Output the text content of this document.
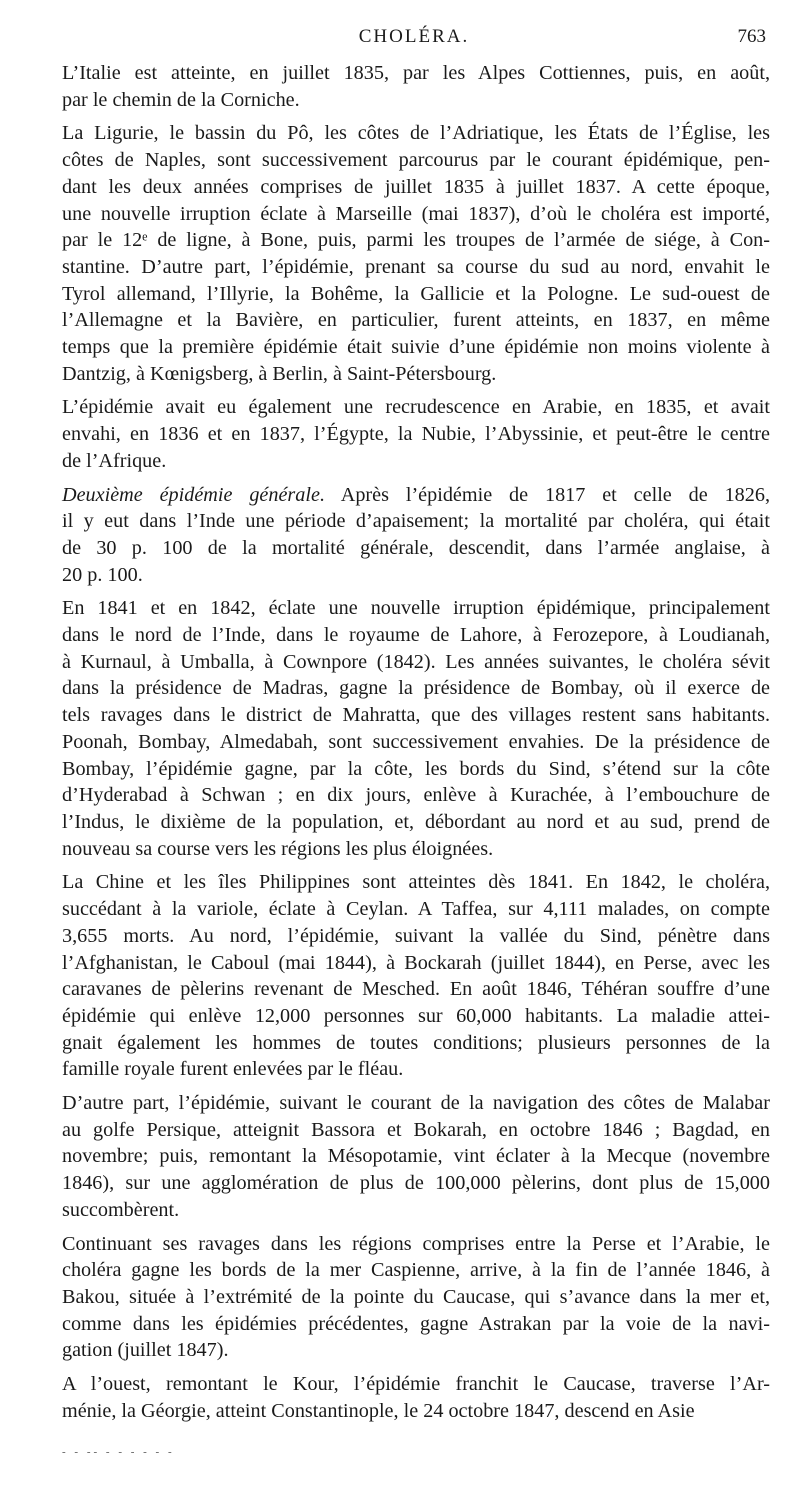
CHOLÉRA.	763

L’Italie est atteinte, en juillet 1835, par les Alpes Cottiennes, puis, en août,
par le chemin de la Corniche.

La Ligurie, le bassin du Pô, les côtes de l’Adriatique, les États de l’Église, les
côtes de Naples, sont successivement parcourus par le courant épidémique, pen-
dant les deux années comprises de juillet 1835 à juillet 1837. A cette époque,
une nouvelle irruption éclate à Marseille (mai 1837), d’où le choléra est importé,
par le 12ᵉ de ligne, à Bone, puis, parmi les troupes de l’armée de siége, à Con-
stantine. D’autre part, l’épidémie, prenant sa course du sud au nord, envahit le
Tyrol allemand, l’Illyrie, la Bohême, la Gallicie et la Pologne. Le sud-ouest de
l’Allemagne et la Bavière, en particulier, furent atteints, en 1837, en même
temps que la première épidémie était suivie d’une épidémie non moins violente à
Dantzig, à Kœnigsberg, à Berlin, à Saint-Pétersbourg.

L’épidémie avait eu également une recrudescence en Arabie, en 1835, et avait
envahi, en 1836 et en 1837, l’Égypte, la Nubie, l’Abyssinie, et peut-être le centre
de l’Afrique.

Deuxième épidémie générale. Après l’épidémie de 1817 et celle de 1826,
il y eut dans l’Inde une période d’apaisement; la mortalité par choléra, qui était
de 30 p. 100 de la mortalité générale, descendit, dans l’armée anglaise, à
20 p. 100.

En 1841 et en 1842, éclate une nouvelle irruption épidémique, principalement
dans le nord de l’Inde, dans le royaume de Lahore, à Ferozepore, à Loudianah,
à Kurnaul, à Umballa, à Cownpore (1842). Les années suivantes, le choléra sévit
dans la présidence de Madras, gagne la présidence de Bombay, où il exerce de
tels ravages dans le district de Mahratta, que des villages restent sans habitants.
Poonah, Bombay, Almedabah, sont successivement envahies. De la présidence de
Bombay, l’épidémie gagne, par la côte, les bords du Sind, s’étend sur la côte
d’Hyderabad à Schwan ; en dix jours, enlève à Kurachée, à l’embouchure de
l’Indus, le dixième de la population, et, débordant au nord et au sud, prend de
nouveau sa course vers les régions les plus éloignées.

La Chine et les îles Philippines sont atteintes dès 1841. En 1842, le choléra,
succédant à la variole, éclate à Ceylan. A Taffea, sur 4,111 malades, on compte
3,655 morts. Au nord, l’épidémie, suivant la vallée du Sind, pénètre dans
l’Afghanistan, le Caboul (mai 1844), à Bockarah (juillet 1844), en Perse, avec les
caravanes de pèlerins revenant de Mesched. En août 1846, Téhéran souffre d’une
épidémie qui enlève 12,000 personnes sur 60,000 habitants. La maladie attei-
gnait également les hommes de toutes conditions; plusieurs personnes de la
famille royale furent enlevées par le fléau.

D’autre part, l’épidémie, suivant le courant de la navigation des côtes de Malabar
au golfe Persique, atteignit Bassora et Bokarah, en octobre 1846 ; Bagdad, en
novembre; puis, remontant la Mésopotamie, vint éclater à la Mecque (novembre
1846), sur une agglomération de plus de 100,000 pèlerins, dont plus de 15,000
succombèrent.

Continuant ses ravages dans les régions comprises entre la Perse et l’Arabie, le
choléra gagne les bords de la mer Caspienne, arrive, à la fin de l’année 1846, à
Bakou, située à l’extrémité de la pointe du Caucase, qui s’avance dans la mer et,
comme dans les épidémies précédentes, gagne Astrakan par la voie de la navi-
gation (juillet 1847).

A l’ouest, remontant le Kour, l’épidémie franchit le Caucase, traverse l’Ar-
ménie, la Géorgie, atteint Constantinople, le 24 octobre 1847, descend en Asie

- - -- - - - - - -
